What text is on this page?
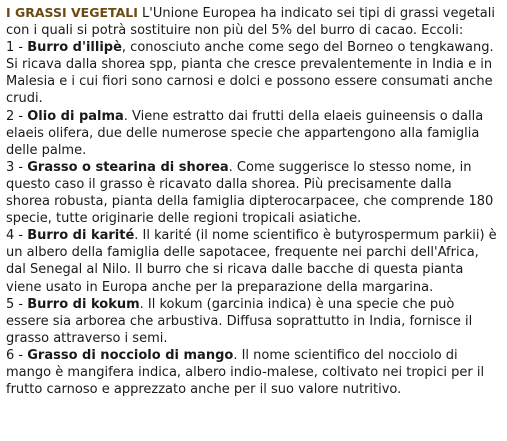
I GRASSI VEGETALI L'Unione Europea ha indicato sei tipi di grassi vegetali con i quali si potrà sostituire non più del 5% del burro di cacao. Eccoli:

1 - Burro d'illipè, conosciuto anche come sego del Borneo o tengkawang. Si ricava dalla shorea spp, pianta che cresce prevalentemente in India e in Malesia e i cui fiori sono carnosi e dolci e possono essere consumati anche crudi.

2 - Olio di palma. Viene estratto dai frutti della elaeis guineensis o dalla elaeis olifera, due delle numerose specie che appartengono alla famiglia delle palme.

3 - Grasso o stearina di shorea. Come suggerisce lo stesso nome, in questo caso il grasso è ricavato dalla shorea. Più precisamente dalla shorea robusta, pianta della famiglia dipterocarpacee, che comprende 180 specie, tutte originarie delle regioni tropicali asiatiche.

4 - Burro di karité. Il karité (il nome scientifico è butyrospermum parkii) è un albero della famiglia delle sapotacee, frequente nei parchi dell'Africa, dal Senegal al Nilo. Il burro che si ricava dalle bacche di questa pianta viene usato in Europa anche per la preparazione della margarina.

5 - Burro di kokum. Il kokum (garcinia indica) è una specie che può essere sia arborea che arbustiva. Diffusa soprattutto in India, fornisce il grasso attraverso i semi.

6 - Grasso di nocciolo di mango. Il nome scientifico del nocciolo di mango è mangifera indica, albero indio-malese, coltivato nei tropici per il frutto carnoso e apprezzato anche per il suo valore nutritivo.
